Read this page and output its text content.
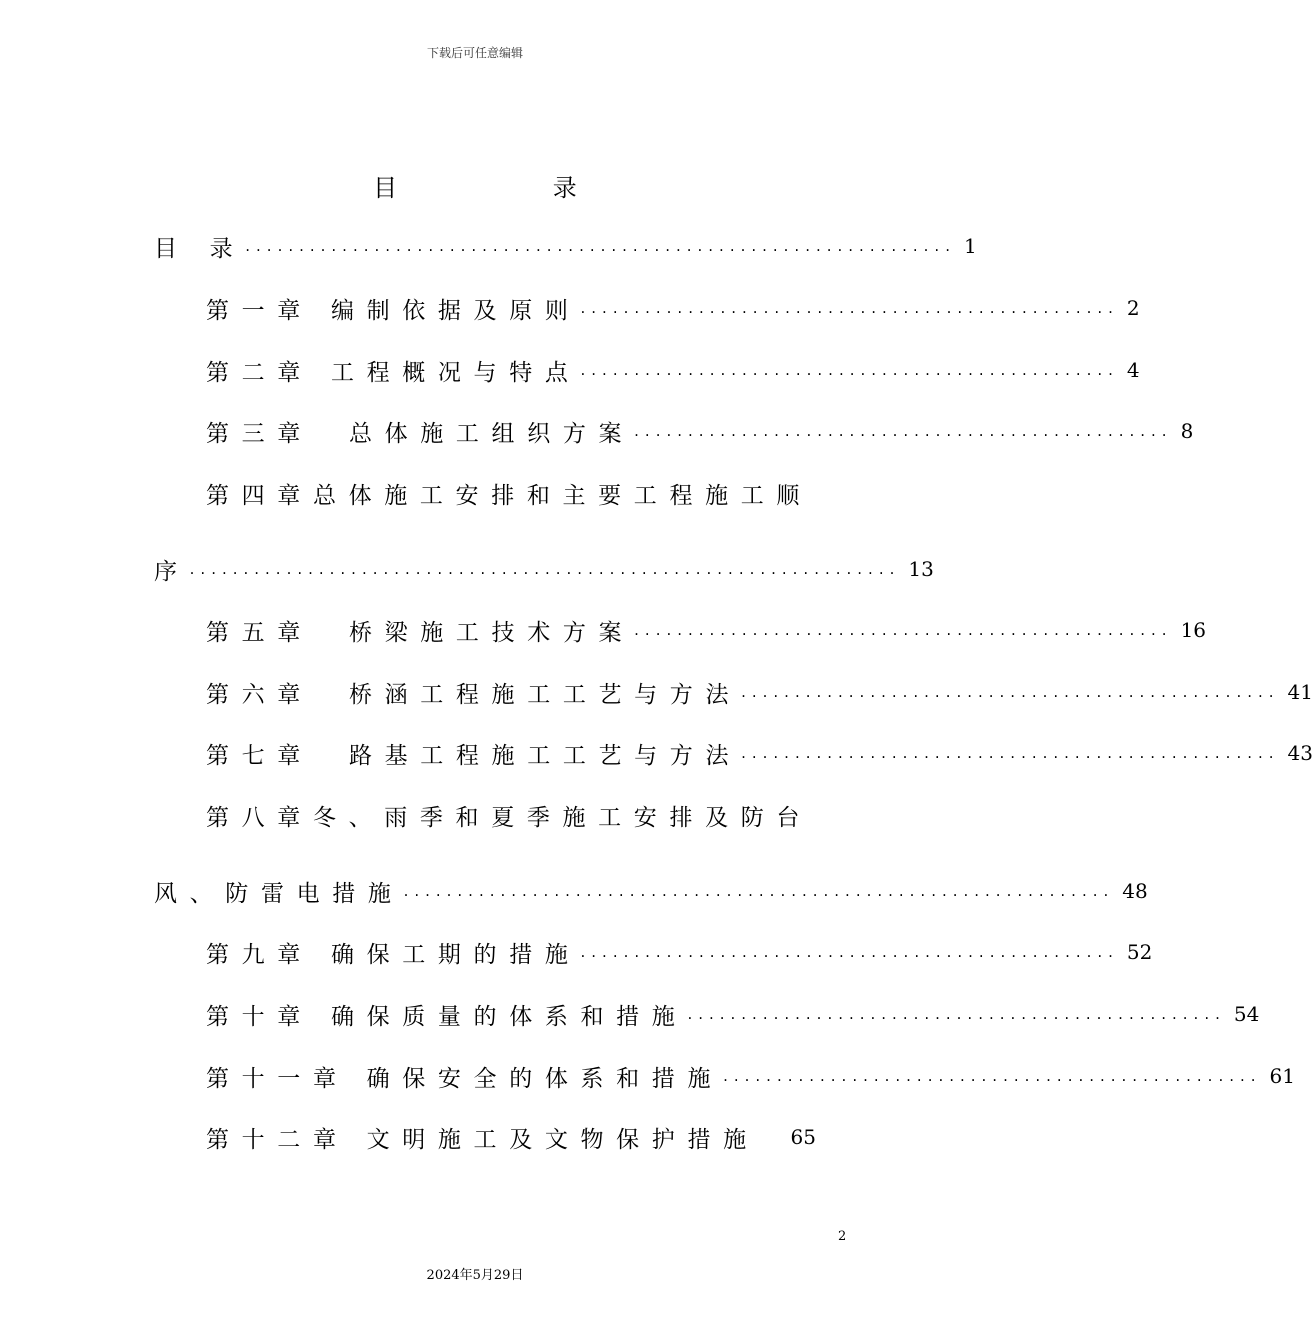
下载后可任意编辑
目 录
目 录 .................................................................. 1
第一章 编制依据及原则 .................................................. 2
第二章 工程概况与特点 .................................................. 4
第三章 总体施工组织方案 .................................................. 8
第四章总体施工安排和主要工程施工顺
序 .................................................................. 13
第五章 桥梁施工技术方案 .................................................. 16
第六章 桥涵工程施工工艺与方法 .................................................. 41
第七章 路基工程施工工艺与方法 .................................................. 43
第八章冬、雨季和夏季施工安排及防台
风、防雷电措施 .................................................................. 48
第九章 确保工期的措施 .................................................. 52
第十章 确保质量的体系和措施 .................................................. 54
第十一章 确保安全的体系和措施 .................................................. 61
第十二章 文明施工及文物保护措施	65
2
2024年5月29日
